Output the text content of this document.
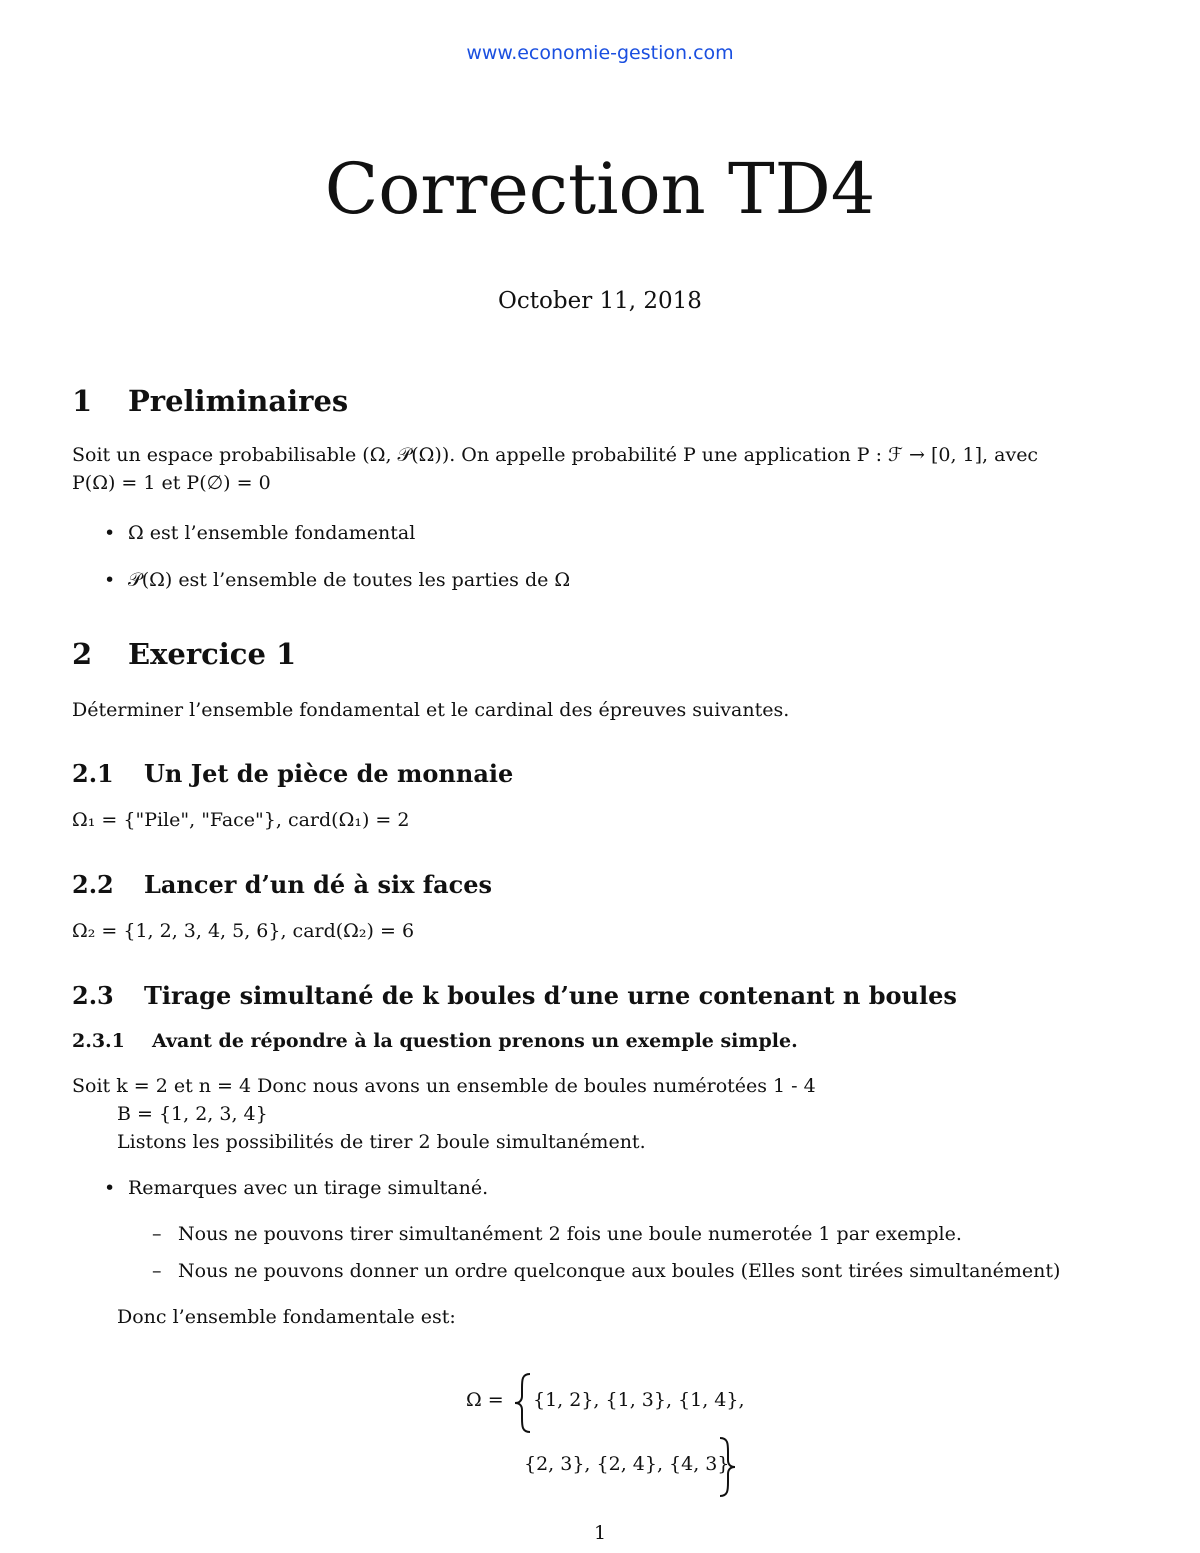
www.economie-gestion.com
Correction TD4
October 11, 2018
1 Preliminaires
Soit un espace probabilisable (Ω, 𝒫(Ω)). On appelle probabilité P une application P : ℱ → [0, 1], avec
P(Ω) = 1 et P(∅) = 0
• Ω est l’ensemble fondamental
• 𝒫(Ω) est l’ensemble de toutes les parties de Ω
2 Exercice 1
Déterminer l’ensemble fondamental et le cardinal des épreuves suivantes.
2.1 Un Jet de pièce de monnaie
Ω₁ = {"Pile", "Face"}, card(Ω₁) = 2
2.2 Lancer d’un dé à six faces
Ω₂ = {1, 2, 3, 4, 5, 6}, card(Ω₂) = 6
2.3 Tirage simultané de k boules d’une urne contenant n boules
2.3.1 Avant de répondre à la question prenons un exemple simple.
Soit k = 2 et n = 4 Donc nous avons un ensemble de boules numérotées 1 - 4
B = {1, 2, 3, 4}
Listons les possibilités de tirer 2 boule simultanément.
• Remarques avec un tirage simultané.
– Nous ne pouvons tirer simultanément 2 fois une boule numerotée 1 par exemple.
– Nous ne pouvons donner un ordre quelconque aux boules (Elles sont tirées simultanément)
Donc l’ensemble fondamentale est:
Ω = {1, 2}, {1, 3}, {1, 4},
{2, 3}, {2, 4}, {4, 3}
1
